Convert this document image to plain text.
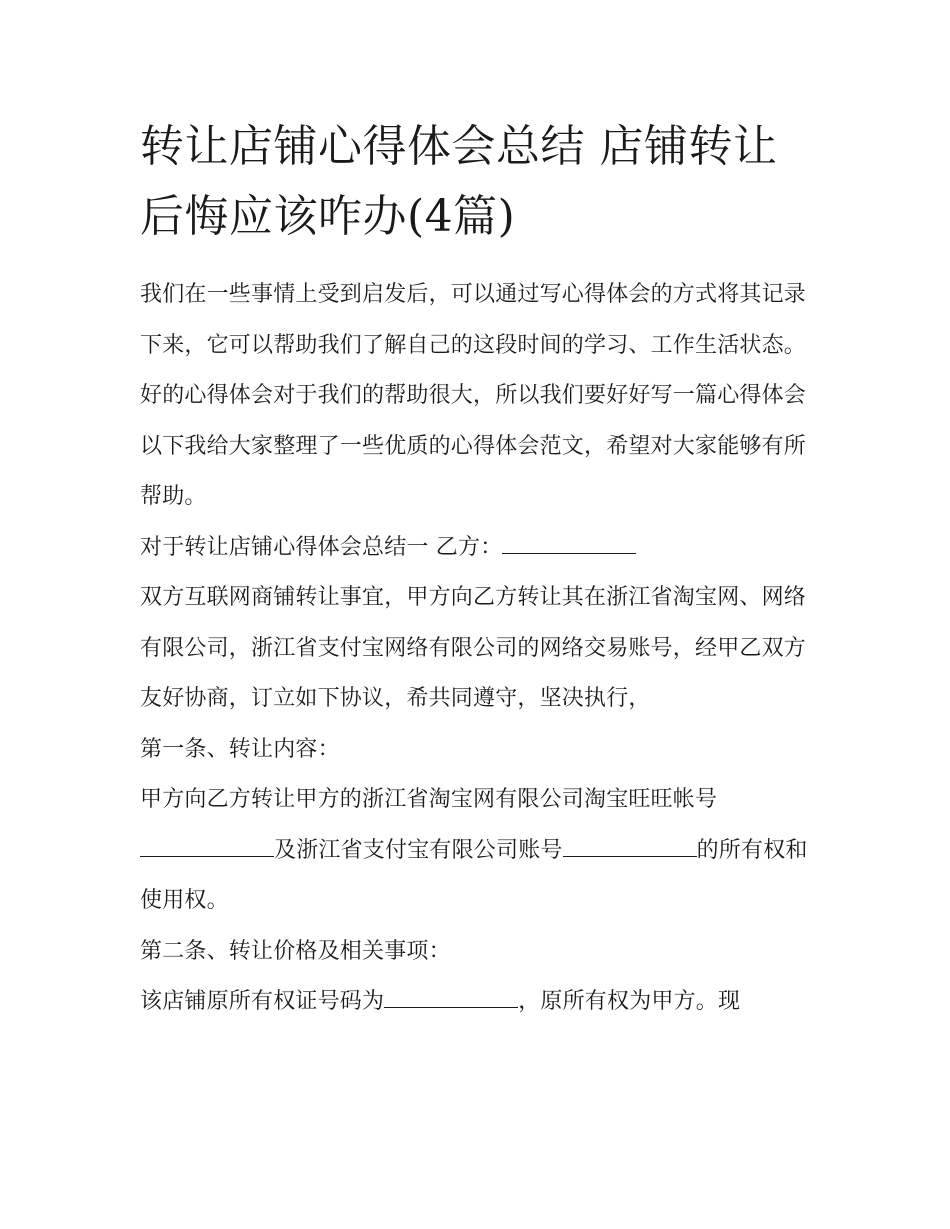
转让店铺心得体会总结 店铺转让后悔应该咋办(4篇)

我们在一些事情上受到启发后，可以通过写心得体会的方式将其记录下来，它可以帮助我们了解自己的这段时间的学习、工作生活状态。好的心得体会对于我们的帮助很大，所以我们要好好写一篇心得体会以下我给大家整理了一些优质的心得体会范文，希望对大家能够有所帮助。

对于转让店铺心得体会总结一 乙方：

双方互联网商铺转让事宜，甲方向乙方转让其在浙江省淘宝网、网络有限公司，浙江省支付宝网络有限公司的网络交易账号，经甲乙双方友好协商，订立如下协议，希共同遵守，坚决执行，

第一条、转让内容：

甲方向乙方转让甲方的浙江省淘宝网有限公司淘宝旺旺帐号及浙江省支付宝有限公司账号	的所有权和使用权。

第二条、转让价格及相关事项：

该店铺原所有权证号码为	，原所有权为甲方。现
